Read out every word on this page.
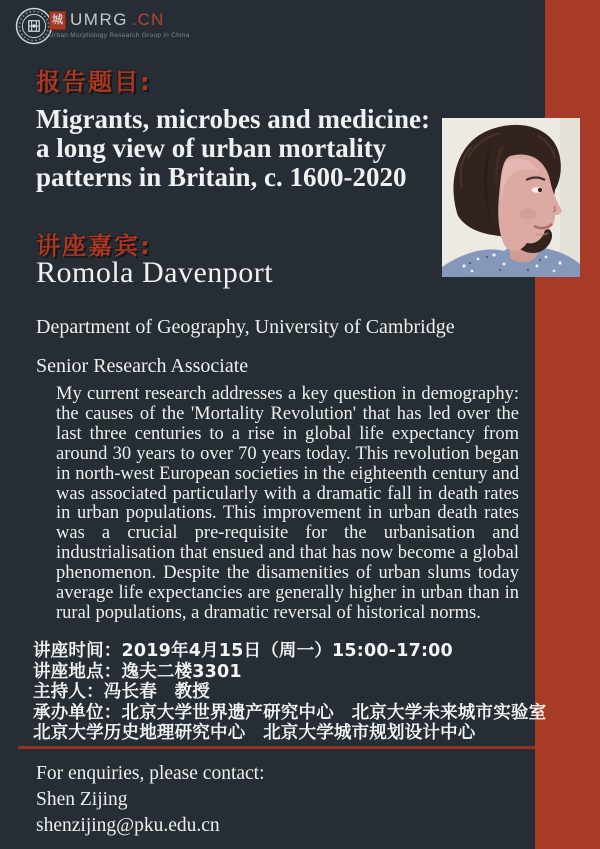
城 UMRG .CN
Urban Morphology Research Group in China
报告题目:
Migrants, microbes and medicine:
a long view of urban mortality
patterns in Britain, c. 1600-2020
讲座嘉宾:
Romola Davenport
Department of Geography, University of Cambridge
Senior Research Associate

My current research addresses a key question in demography: the causes of the 'Mortality Revolution' that has led over the last three centuries to a rise in global life expectancy from around 30 years to over 70 years today. This revolution began in north-west European societies in the eighteenth century and was associated particularly with a dramatic fall in death rates in urban populations. This improvement in urban death rates was a crucial pre-requisite for the urbanisation and industrialisation that ensued and that has now become a global phenomenon. Despite the disamenities of urban slums today average life expectancies are generally higher in urban than in rural populations, a dramatic reversal of historical norms.

讲座时间：2019年4月15日（周一）15:00-17:00
讲座地点：逸夫二楼3301
主持人：冯长春　教授
承办单位：北京大学世界遗产研究中心　北京大学未来城市实验室
北京大学历史地理研究中心　北京大学城市规划设计中心
For enquiries, please contact:
Shen Zijing
shenzijing@pku.edu.cn
